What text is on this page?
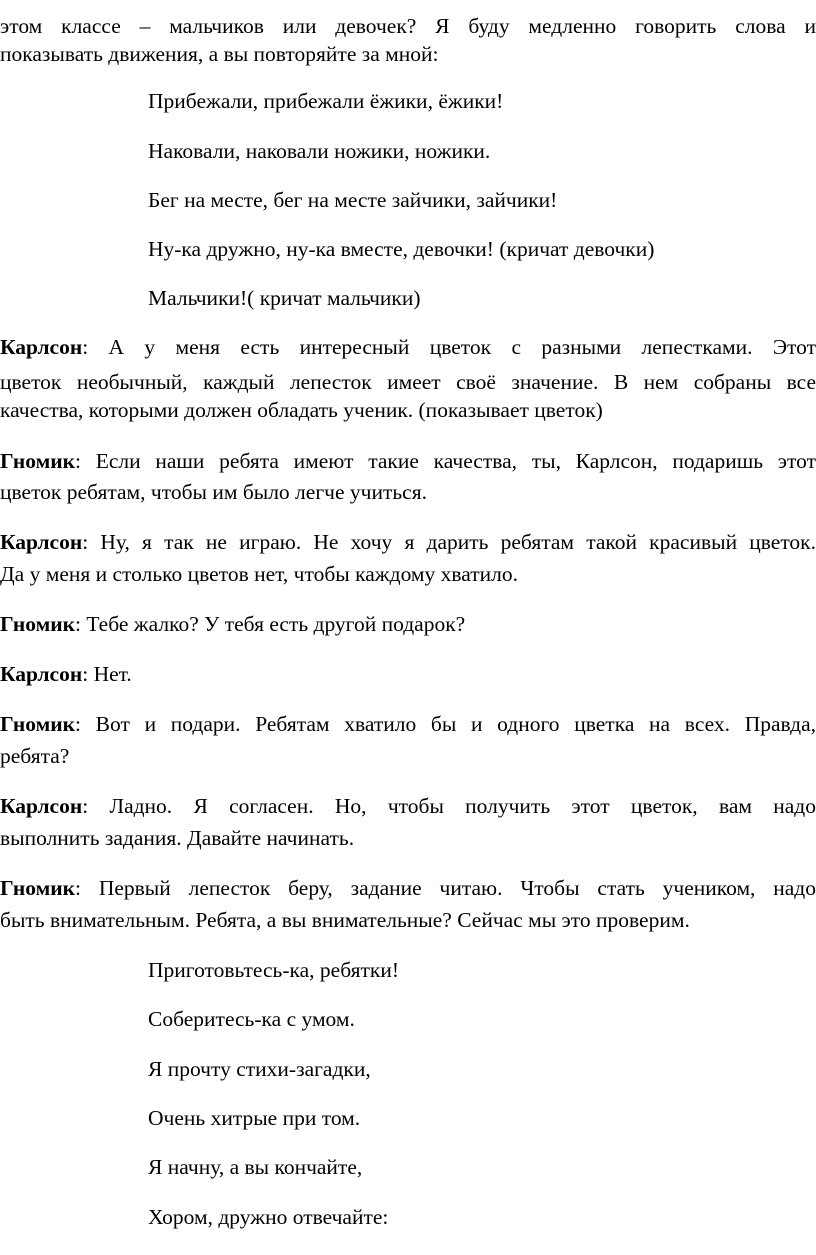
этом классе – мальчиков или девочек? Я буду медленно говорить слова и
показывать движения, а вы повторяйте за мной:
Прибежали, прибежали ёжики, ёжики!
Наковали, наковали ножики, ножики.
Бег на месте, бег на месте зайчики, зайчики!
Ну-ка дружно, ну-ка вместе, девочки! (кричат девочки)
Мальчики!( кричат мальчики)
Карлсон: А у меня есть интересный цветок с разными лепестками. Этот
цветок необычный, каждый лепесток имеет своё значение. В нем собраны все
качества, которыми должен обладать ученик. (показывает цветок)
Гномик: Если наши ребята имеют такие качества, ты, Карлсон, подаришь этот
цветок ребятам, чтобы им было легче учиться.
Карлсон: Ну, я так не играю. Не хочу я дарить ребятам такой красивый цветок.
Да у меня и столько цветов нет, чтобы каждому хватило.
Гномик: Тебе жалко? У тебя есть другой подарок?
Карлсон: Нет.
Гномик: Вот и подари. Ребятам хватило бы и одного цветка на всех. Правда,
ребята?
Карлсон: Ладно. Я согласен. Но, чтобы получить этот цветок, вам надо
выполнить задания. Давайте начинать.
Гномик: Первый лепесток беру, задание читаю. Чтобы стать учеником, надо
быть внимательным. Ребята, а вы внимательные? Сейчас мы это проверим.
Приготовьтесь-ка, ребятки!
Соберитесь-ка с умом.
Я прочту стихи-загадки,
Очень хитрые при том.
Я начну, а вы кончайте,
Хором, дружно отвечайте:
